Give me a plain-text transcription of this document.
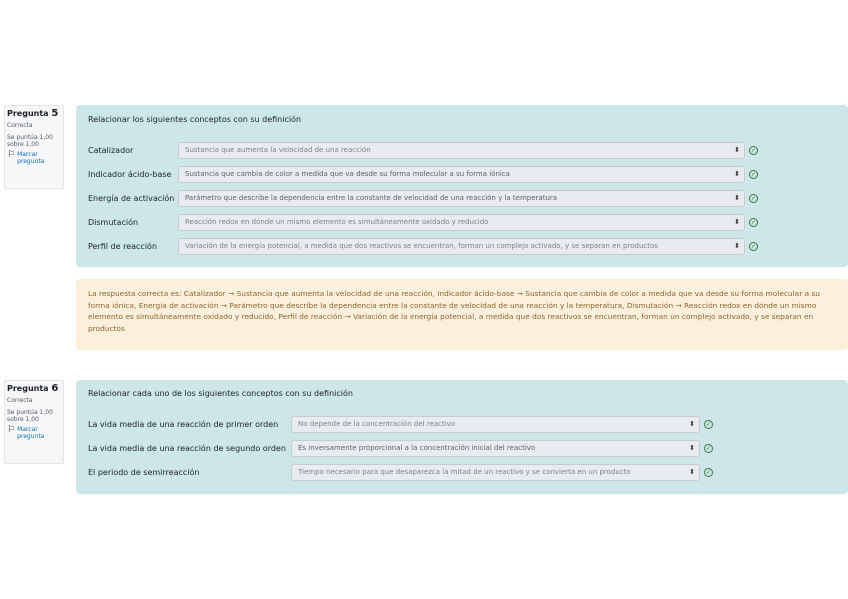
Pregunta 5
Correcta
Se puntúa 1,00 sobre 1,00
⚐ Marcar pregunta
Relacionar los siguientes conceptos con su definición
Catalizador	Sustancia que aumenta la velocidad de una reacción	⬍	✓
Indicador ácido-base	Sustancia que cambia de color a medida que va desde su forma molecular a su forma iónica	⬍	✓
Energía de activación	Parámetro que describe la dependencia entre la constante de velocidad de una reacción y la temperatura	⬍	✓
Dismutación	Reacción redox en dónde un mismo elemento es simultáneamente oxidado y reducido	⬍	✓
Perfil de reacción	Variación de la energía potencial, a medida que dos reactivos se encuentran, forman un complejo activado, y se separan en productos	⬍	✓
La respuesta correcta es: Catalizador → Sustancia que aumenta la velocidad de una reacción, Indicador ácido-base → Sustancia que cambia de color a medida que va desde su forma molecular a su forma iónica, Energía de activación → Parámetro que describe la dependencia entre la constante de velocidad de una reacción y la temperatura, Dismutación → Reacción redox en dónde un mismo elemento es simultáneamente oxidado y reducido, Perfil de reacción → Variación de la energía potencial, a medida que dos reactivos se encuentran, forman un complejo activado, y se separan en productos
Pregunta 6
Correcta
Se puntúa 1,00 sobre 1,00
⚐ Marcar pregunta
Relacionar cada uno de los siguientes conceptos con su definición
La vida media de una reacción de primer orden	No depende de la concentración del reactivo	⬍	✓
La vida media de una reacción de segundo orden	Es inversamente proporcional a la concentración inicial del reactivo	⬍	✓
El periodo de semirreacción	Tiempo necesario para que desaparezca la mitad de un reactivo y se convierta en un producto	⬍	✓
